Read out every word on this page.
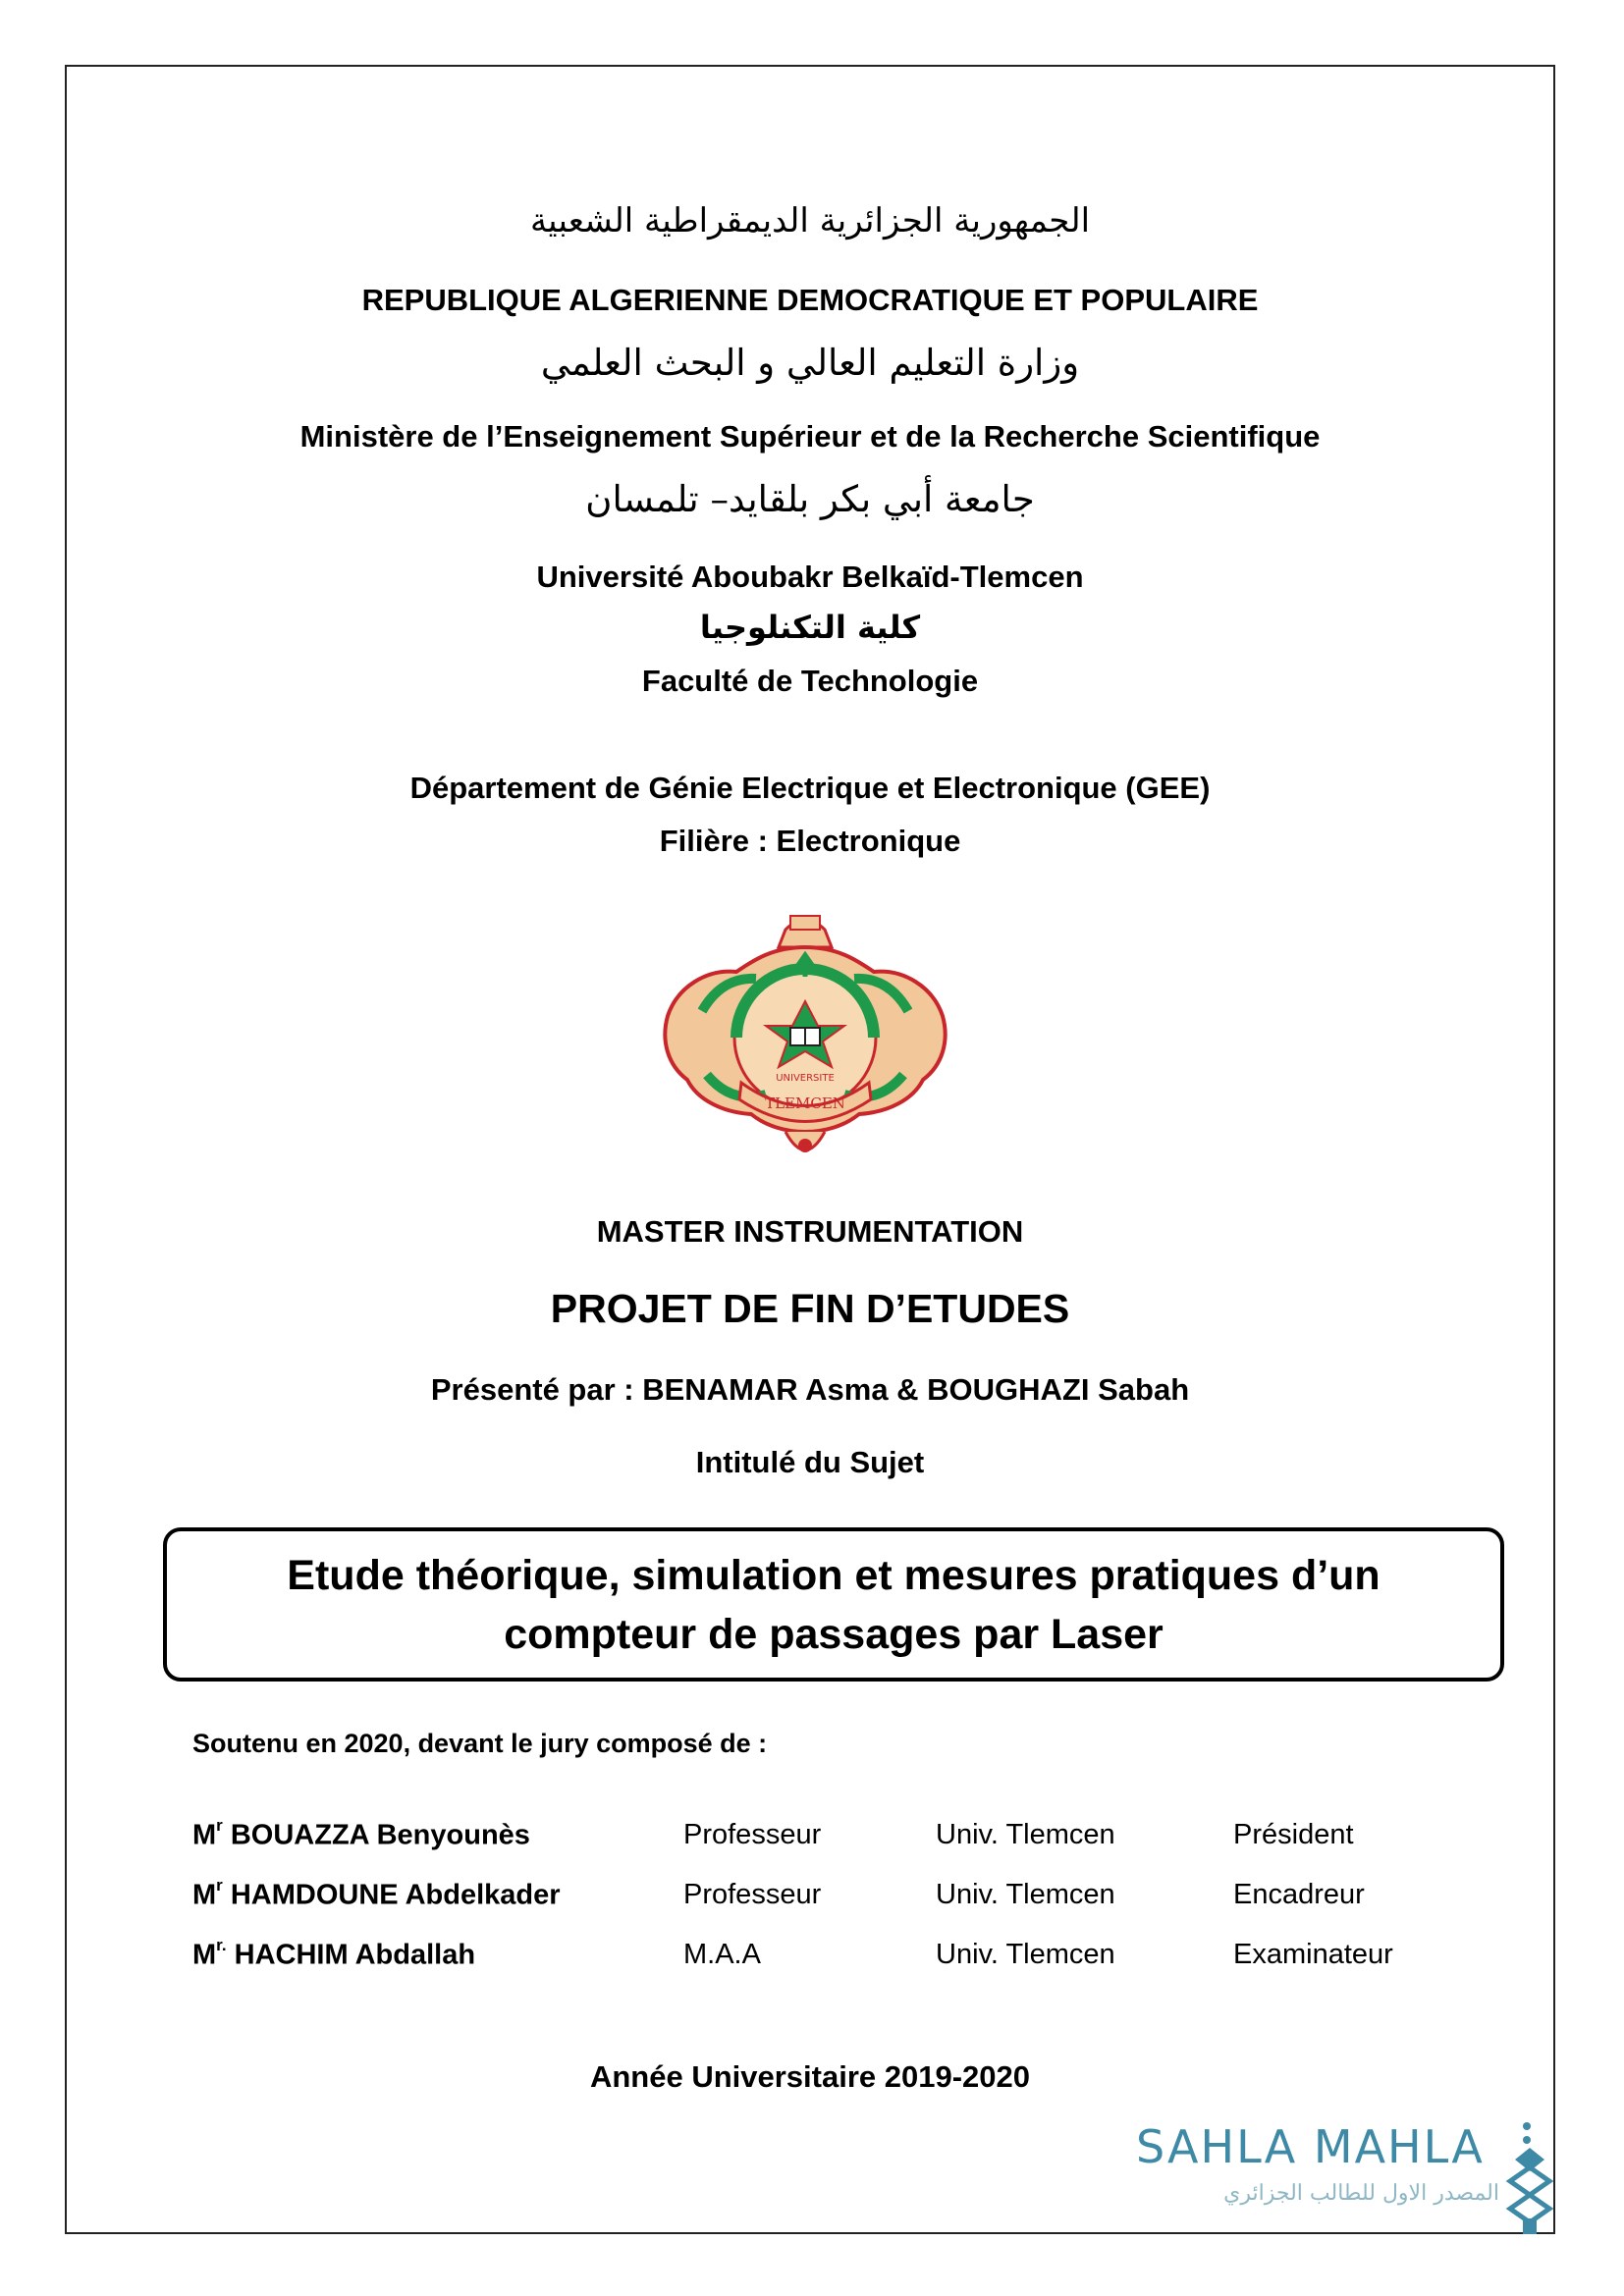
الجمهورية الجزائرية الديمقراطية الشعبية
REPUBLIQUE ALGERIENNE DEMOCRATIQUE ET POPULAIRE
وزارة التعليم العالي و البحث العلمي
Ministère de l’Enseignement Supérieur et de la Recherche Scientifique
جامعة أبي بكر بلقايد– تلمسان
Université Aboubakr Belkaïd-Tlemcen
كلية التكنلوجيا
Faculté de Technologie
Département de Génie Electrique et Electronique (GEE)
Filière : Electronique
UNIVERSITE
TLEMCEN
MASTER INSTRUMENTATION
PROJET DE FIN D’ETUDES
Présenté par : BENAMAR Asma & BOUGHAZI Sabah
Intitulé du Sujet
Etude théorique, simulation et mesures pratiques d’un
compteur de passages par Laser
Soutenu en 2020, devant le jury composé de :
$M^r$ BOUAZZA Benyounès	Professeur	Univ. Tlemcen	Président
$M^r$ HAMDOUNE Abdelkader	Professeur	Univ. Tlemcen	Encadreur
$M^{r.}$ HACHIM Abdallah	M.A.A	Univ. Tlemcen	Examinateur
Année Universitaire 2019-2020
SAHLA MAHLA
المصدر الاول للطالب الجزائري
